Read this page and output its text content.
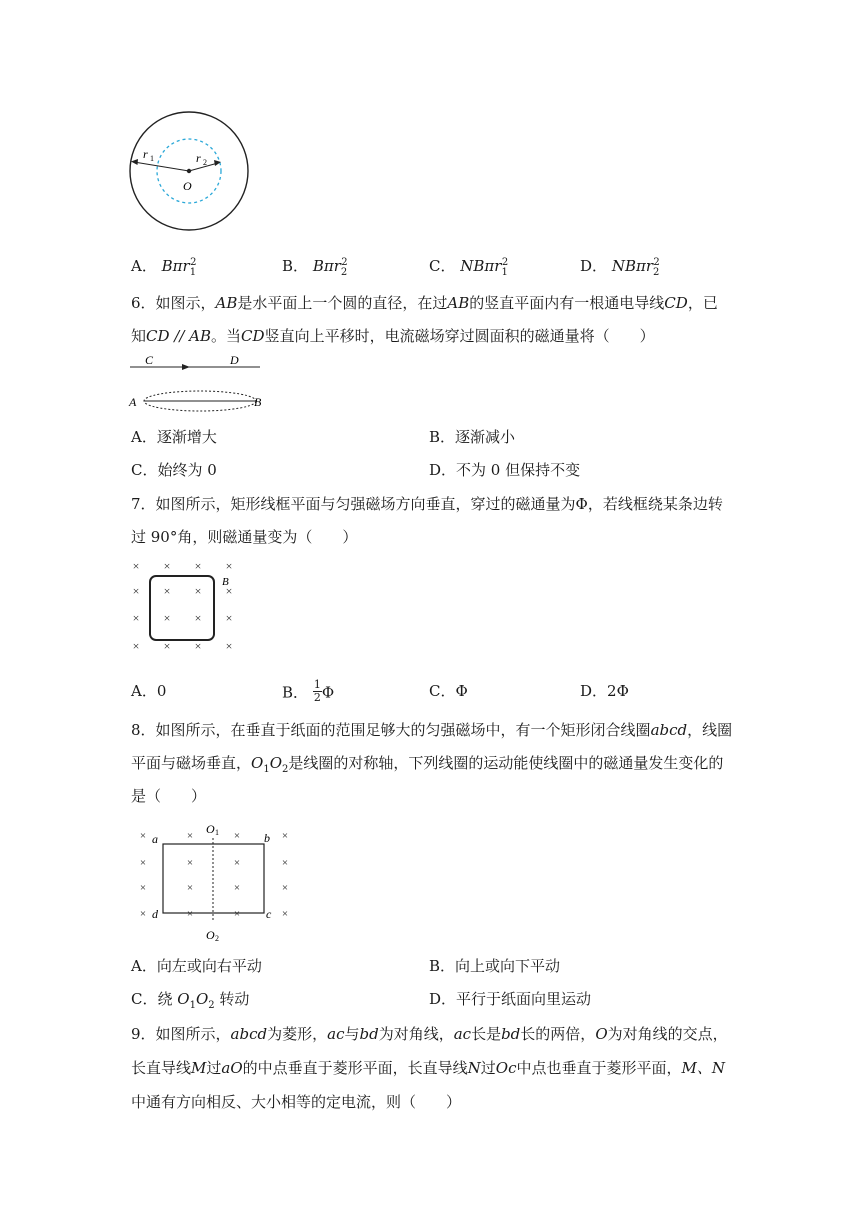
r 1	r 2
O
A． Bπr$_1^2$	B． Bπr$_2^2$	C． NBπr$_1^2$	D． NBπr$_2^2$
6．如图示，AB是水平面上一个圆的直径，在过AB的竖直平面内有一根通电导线CD，已
知CD // AB。当CD竖直向上平移时，电流磁场穿过圆面积的磁通量将（　　）
C	D
A	B
A．逐渐增大	B．逐渐减小
C．始终为 0	D．不为 0 但保持不变
7．如图所示，矩形线框平面与匀强磁场方向垂直，穿过的磁通量为Φ，若线框绕某条边转
过 90°角，则磁通量变为（　　）
× × × ×
× × × ×
× × × ×
× × × ×
B
A．0	B． $\frac{1}{2}$ Φ	C．Φ	D．2Φ
8．如图所示，在垂直于纸面的范围足够大的匀强磁场中，有一个矩形闭合线圈abcd，线圈
平面与磁场垂直，$O_1O_2$是线圈的对称轴，下列线圈的运动能使线圈中的磁通量发生变化的
是（　　）
×	×
×	×
×	×
×	×
×	×
×	×
×	×
×	×
a	b
c
d
O 1
O 2
A．向左或向右平动	B．向上或向下平动
C．绕 $O_1O_2$ 转动	D．平行于纸面向里运动
9．如图所示，abcd为菱形，ac与bd为对角线，ac长是bd长的两倍，O为对角线的交点，
长直导线M过aO的中点垂直于菱形平面，长直导线N过Oc中点也垂直于菱形平面，M、N
中通有方向相反、大小相等的定电流，则（　　）
